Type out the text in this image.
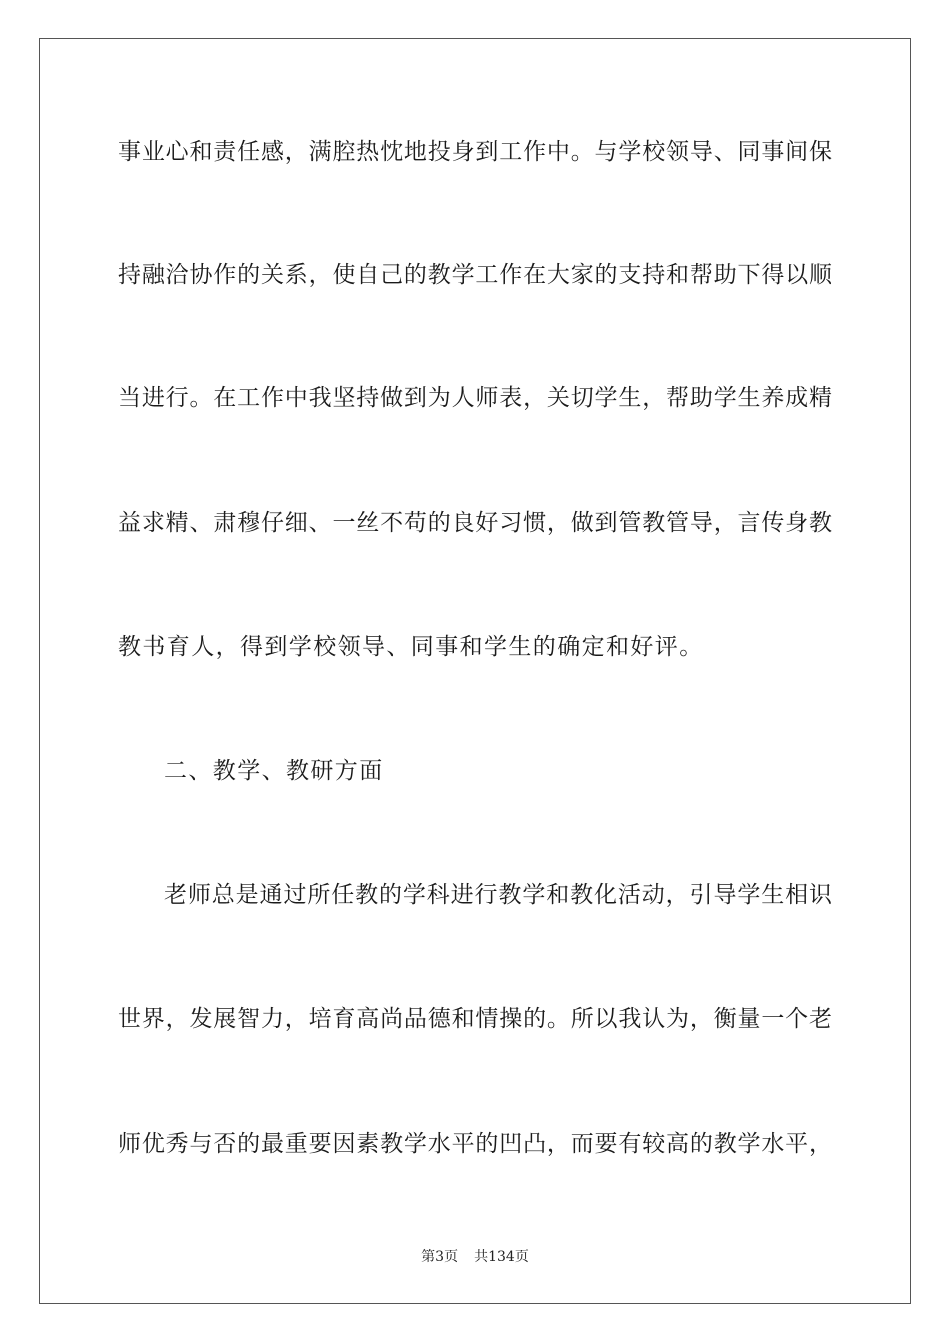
事业心和责任感，满腔热忱地投身到工作中。与学校领导、同事间保
持融洽协作的关系，使自己的教学工作在大家的支持和帮助下得以顺
当进行。在工作中我坚持做到为人师表，关切学生，帮助学生养成精
益求精、肃穆仔细、一丝不苟的良好习惯，做到管教管导，言传身教
教书育人，得到学校领导、同事和学生的确定和好评。
二、教学、教研方面
老师总是通过所任教的学科进行教学和教化活动，引导学生相识
世界，发展智力，培育高尚品德和情操的。所以我认为，衡量一个老
师优秀与否的最重要因素教学水平的凹凸，而要有较高的教学水平，
第3页 共134页
